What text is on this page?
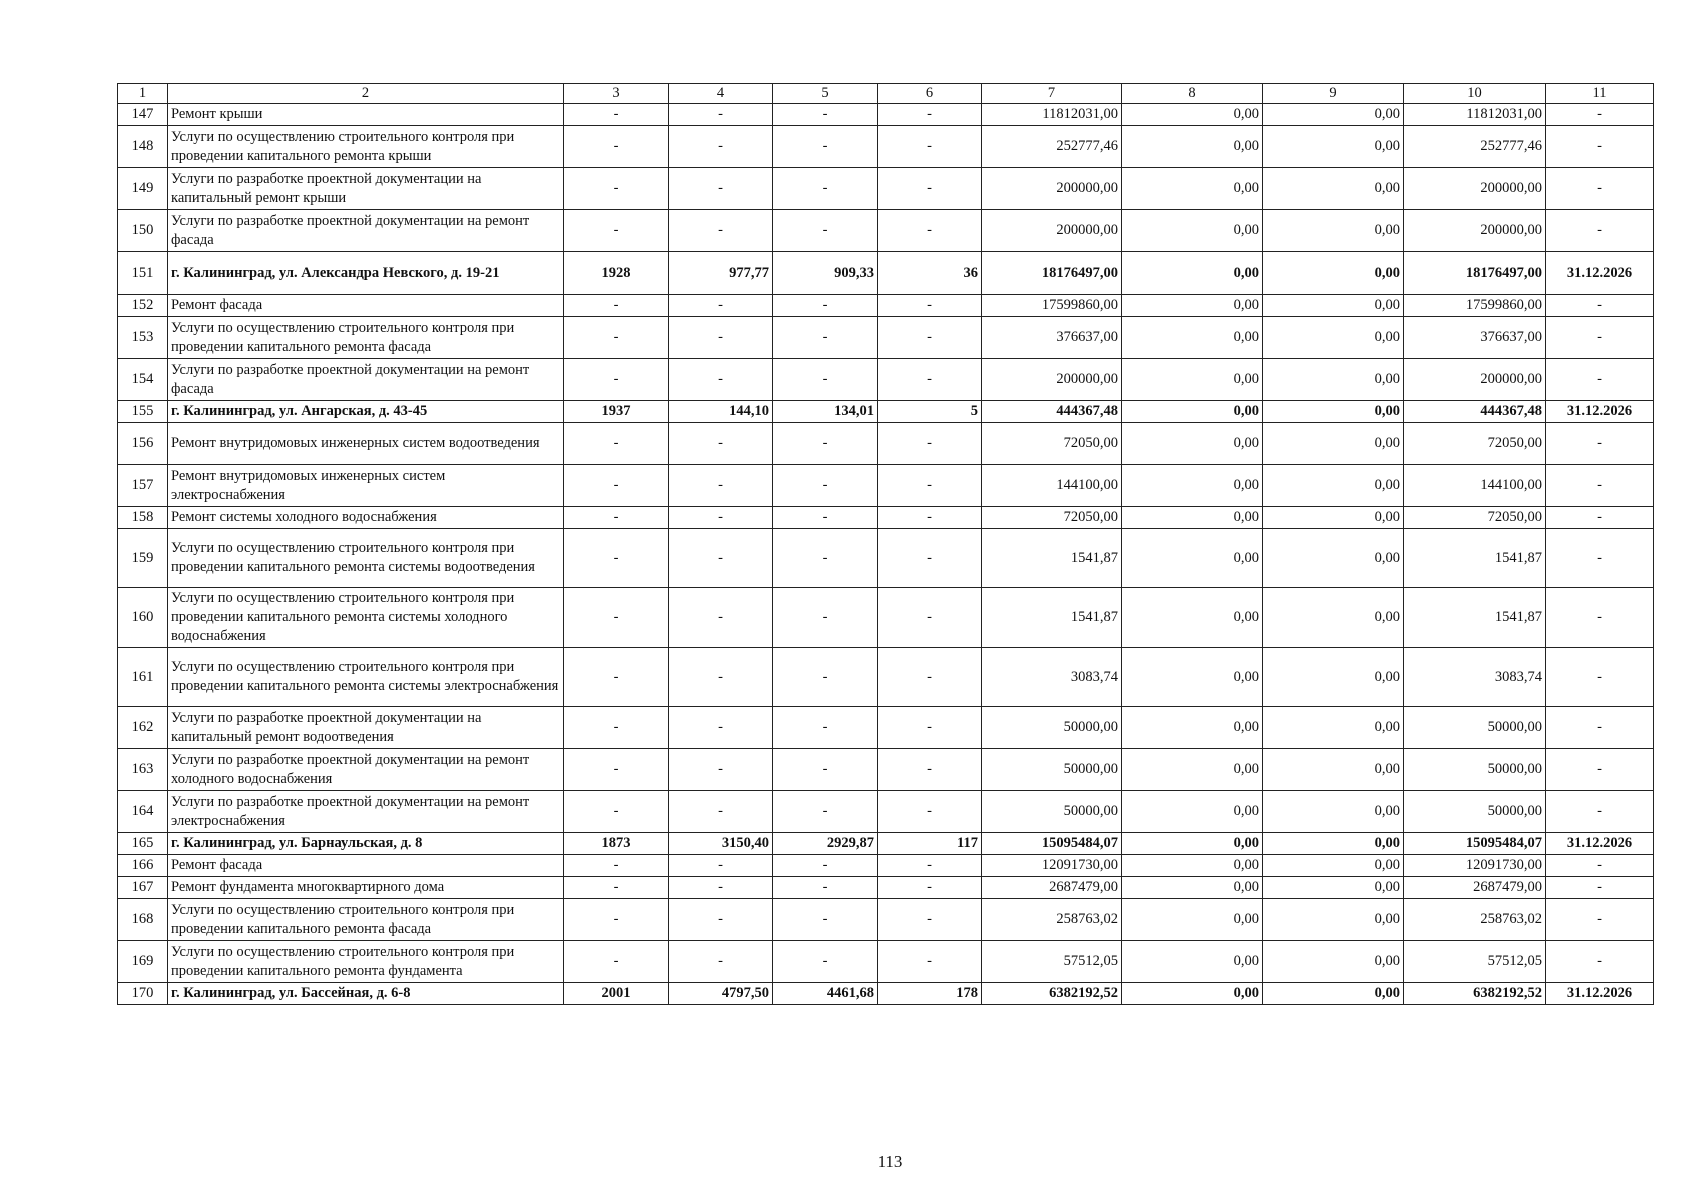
1	2	3	4	5	6	7	8	9	10	11
147	Ремонт крыши	-	-	-	-	11812031,00	0,00	0,00	11812031,00	-
148	Услуги по осуществлению строительного контроля при проведении капитального ремонта крыши	-	-	-	-	252777,46	0,00	0,00	252777,46	-
149	Услуги по разработке проектной документации на капитальный ремонт крыши	-	-	-	-	200000,00	0,00	0,00	200000,00	-
150	Услуги по разработке проектной документации на ремонт фасада	-	-	-	-	200000,00	0,00	0,00	200000,00	-
151	г. Калининград, ул. Александра Невского, д. 19-21	1928	977,77	909,33	36	18176497,00	0,00	0,00	18176497,00	31.12.2026
152	Ремонт фасада	-	-	-	-	17599860,00	0,00	0,00	17599860,00	-
153	Услуги по осуществлению строительного контроля при проведении капитального ремонта фасада	-	-	-	-	376637,00	0,00	0,00	376637,00	-
154	Услуги по разработке проектной документации на ремонт фасада	-	-	-	-	200000,00	0,00	0,00	200000,00	-
155	г. Калининград, ул. Ангарская, д. 43-45	1937	144,10	134,01	5	444367,48	0,00	0,00	444367,48	31.12.2026
156	Ремонт внутридомовых инженерных систем водоотведения	-	-	-	-	72050,00	0,00	0,00	72050,00	-
157	Ремонт внутридомовых инженерных систем электроснабжения	-	-	-	-	144100,00	0,00	0,00	144100,00	-
158	Ремонт системы холодного водоснабжения	-	-	-	-	72050,00	0,00	0,00	72050,00	-
159	Услуги по осуществлению строительного контроля при проведении капитального ремонта системы водоотведения	-	-	-	-	1541,87	0,00	0,00	1541,87	-
160	Услуги по осуществлению строительного контроля при проведении капитального ремонта системы холодного водоснабжения	-	-	-	-	1541,87	0,00	0,00	1541,87	-
161	Услуги по осуществлению строительного контроля при проведении капитального ремонта системы электроснабжения	-	-	-	-	3083,74	0,00	0,00	3083,74	-
162	Услуги по разработке проектной документации на капитальный ремонт водоотведения	-	-	-	-	50000,00	0,00	0,00	50000,00	-
163	Услуги по разработке проектной документации на ремонт холодного водоснабжения	-	-	-	-	50000,00	0,00	0,00	50000,00	-
164	Услуги по разработке проектной документации на ремонт электроснабжения	-	-	-	-	50000,00	0,00	0,00	50000,00	-
165	г. Калининград, ул. Барнаульская, д. 8	1873	3150,40	2929,87	117	15095484,07	0,00	0,00	15095484,07	31.12.2026
166	Ремонт фасада	-	-	-	-	12091730,00	0,00	0,00	12091730,00	-
167	Ремонт фундамента многоквартирного дома	-	-	-	-	2687479,00	0,00	0,00	2687479,00	-
168	Услуги по осуществлению строительного контроля при проведении капитального ремонта фасада	-	-	-	-	258763,02	0,00	0,00	258763,02	-
169	Услуги по осуществлению строительного контроля при проведении капитального ремонта фундамента	-	-	-	-	57512,05	0,00	0,00	57512,05	-
170	г. Калининград, ул. Бассейная, д. 6-8	2001	4797,50	4461,68	178	6382192,52	0,00	0,00	6382192,52	31.12.2026
113
